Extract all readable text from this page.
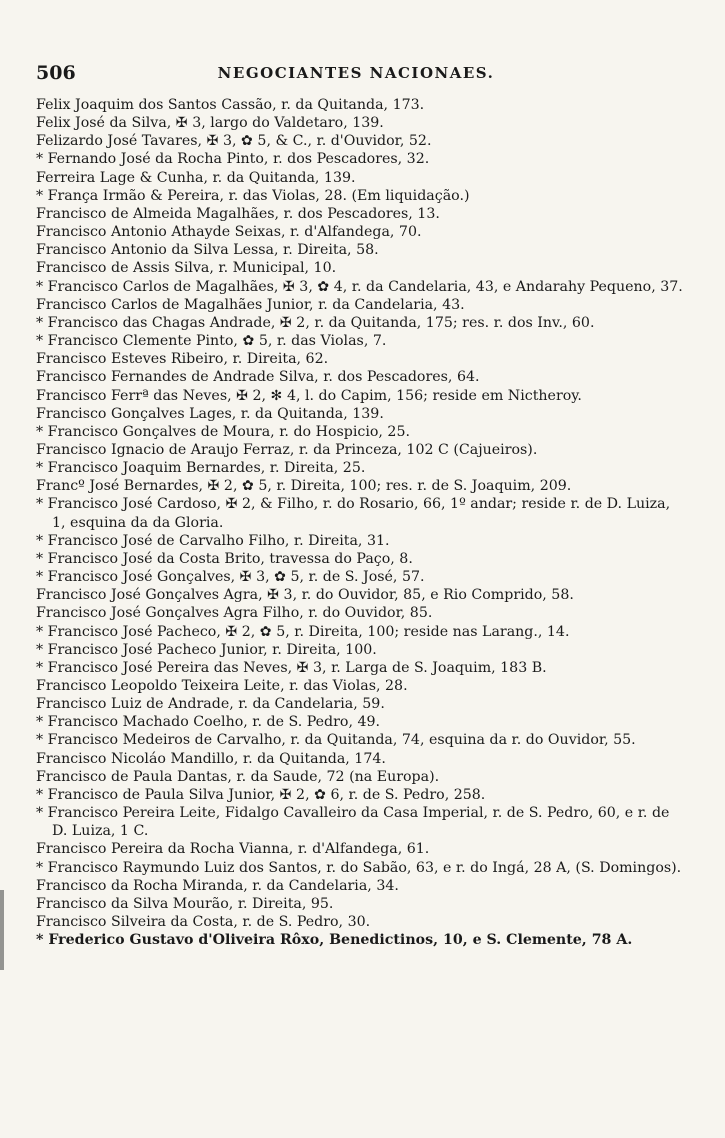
506	NEGOCIANTES NACIONAES.

Felix Joaquim dos Santos Cassão, r. da Quitanda, 173.

Felix José da Silva, ✠ 3, largo do Valdetaro, 139.

Felizardo José Tavares, ✠ 3, ✿ 5, & C., r. d'Ouvidor, 52.

* Fernando José da Rocha Pinto, r. dos Pescadores, 32.

Ferreira Lage & Cunha, r. da Quitanda, 139.

* França Irmão & Pereira, r. das Violas, 28. (Em liquidação.)

Francisco de Almeida Magalhães, r. dos Pescadores, 13.

Francisco Antonio Athayde Seixas, r. d'Alfandega, 70.

Francisco Antonio da Silva Lessa, r. Direita, 58.

Francisco de Assis Silva, r. Municipal, 10.

* Francisco Carlos de Magalhães, ✠ 3, ✿ 4, r. da Candelaria, 43, e Andarahy Pequeno, 37.

Francisco Carlos de Magalhães Junior, r. da Candelaria, 43.

* Francisco das Chagas Andrade, ✠ 2, r. da Quitanda, 175; res. r. dos Inv., 60.

* Francisco Clemente Pinto, ✿ 5, r. das Violas, 7.

Francisco Esteves Ribeiro, r. Direita, 62.

Francisco Fernandes de Andrade Silva, r. dos Pescadores, 64.

Francisco Ferrª das Neves, ✠ 2, ✻ 4, l. do Capim, 156; reside em Nictheroy.

Francisco Gonçalves Lages, r. da Quitanda, 139.

* Francisco Gonçalves de Moura, r. do Hospicio, 25.

Francisco Ignacio de Araujo Ferraz, r. da Princeza, 102 C (Cajueiros).

* Francisco Joaquim Bernardes, r. Direita, 25.

Francº José Bernardes, ✠ 2, ✿ 5, r. Direita, 100; res. r. de S. Joaquim, 209.

* Francisco José Cardoso, ✠ 2, & Filho, r. do Rosario, 66, 1º andar; reside r. de D. Luiza, 1, esquina da da Gloria.

* Francisco José de Carvalho Filho, r. Direita, 31.

* Francisco José da Costa Brito, travessa do Paço, 8.

* Francisco José Gonçalves, ✠ 3, ✿ 5, r. de S. José, 57.

Francisco José Gonçalves Agra, ✠ 3, r. do Ouvidor, 85, e Rio Comprido, 58.

Francisco José Gonçalves Agra Filho, r. do Ouvidor, 85.

* Francisco José Pacheco, ✠ 2, ✿ 5, r. Direita, 100; reside nas Larang., 14.

* Francisco José Pacheco Junior, r. Direita, 100.

* Francisco José Pereira das Neves, ✠ 3, r. Larga de S. Joaquim, 183 B.

Francisco Leopoldo Teixeira Leite, r. das Violas, 28.

Francisco Luiz de Andrade, r. da Candelaria, 59.

* Francisco Machado Coelho, r. de S. Pedro, 49.

* Francisco Medeiros de Carvalho, r. da Quitanda, 74, esquina da r. do Ouvidor, 55.

Francisco Nicoláo Mandillo, r. da Quitanda, 174.

Francisco de Paula Dantas, r. da Saude, 72 (na Europa).

* Francisco de Paula Silva Junior, ✠ 2, ✿ 6, r. de S. Pedro, 258.

* Francisco Pereira Leite, Fidalgo Cavalleiro da Casa Imperial, r. de S. Pedro, 60, e r. de D. Luiza, 1 C.

Francisco Pereira da Rocha Vianna, r. d'Alfandega, 61.

* Francisco Raymundo Luiz dos Santos, r. do Sabão, 63, e r. do Ingá, 28 A, (S. Domingos).

Francisco da Rocha Miranda, r. da Candelaria, 34.

Francisco da Silva Mourão, r. Direita, 95.

Francisco Silveira da Costa, r. de S. Pedro, 30.

* Frederico Gustavo d'Oliveira Rôxo, Benedictinos, 10, e S. Clemente, 78 A.
